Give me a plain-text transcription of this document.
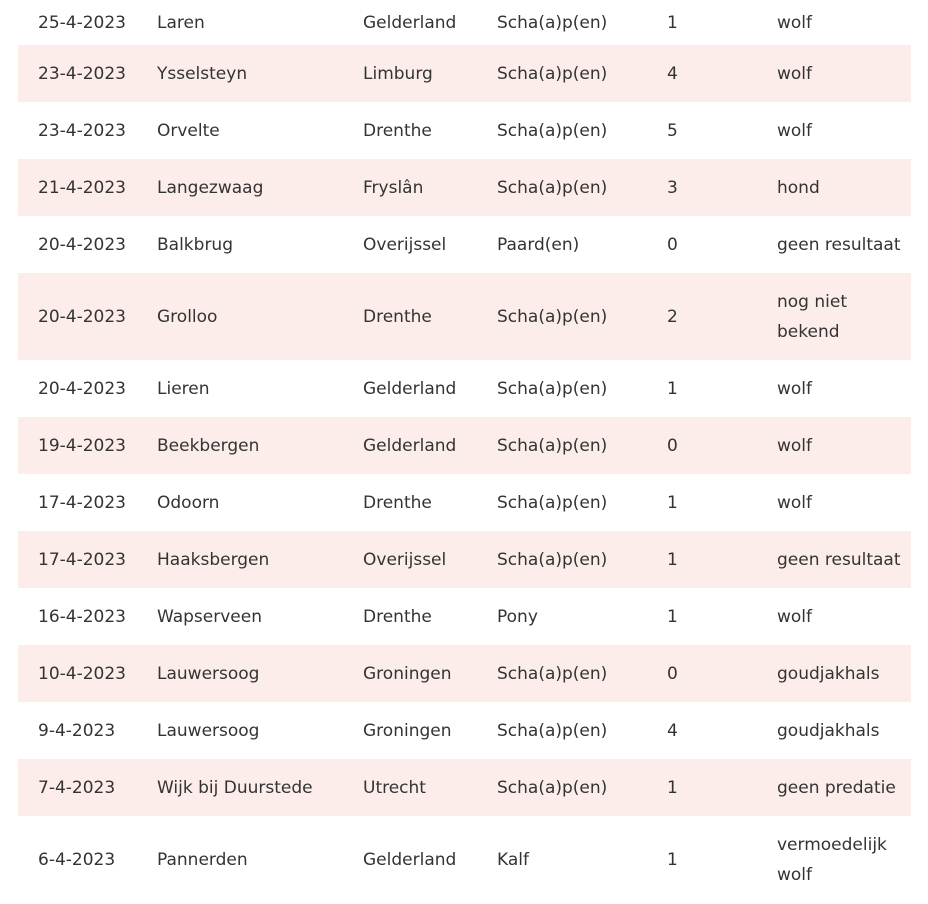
25-4-2023	Laren	Gelderland	Scha(a)p(en)	1	wolf
23-4-2023	Ysselsteyn	Limburg	Scha(a)p(en)	4	wolf
23-4-2023	Orvelte	Drenthe	Scha(a)p(en)	5	wolf
21-4-2023	Langezwaag	Fryslân	Scha(a)p(en)	3	hond
20-4-2023	Balkbrug	Overijssel	Paard(en)	0	geen resultaat
20-4-2023	Grolloo	Drenthe	Scha(a)p(en)	2	nog niet bekend
20-4-2023	Lieren	Gelderland	Scha(a)p(en)	1	wolf
19-4-2023	Beekbergen	Gelderland	Scha(a)p(en)	0	wolf
17-4-2023	Odoorn	Drenthe	Scha(a)p(en)	1	wolf
17-4-2023	Haaksbergen	Overijssel	Scha(a)p(en)	1	geen resultaat
16-4-2023	Wapserveen	Drenthe	Pony	1	wolf
10-4-2023	Lauwersoog	Groningen	Scha(a)p(en)	0	goudjakhals
9-4-2023	Lauwersoog	Groningen	Scha(a)p(en)	4	goudjakhals
7-4-2023	Wijk bij Duurstede	Utrecht	Scha(a)p(en)	1	geen predatie
6-4-2023	Pannerden	Gelderland	Kalf	1	vermoedelijk wolf
